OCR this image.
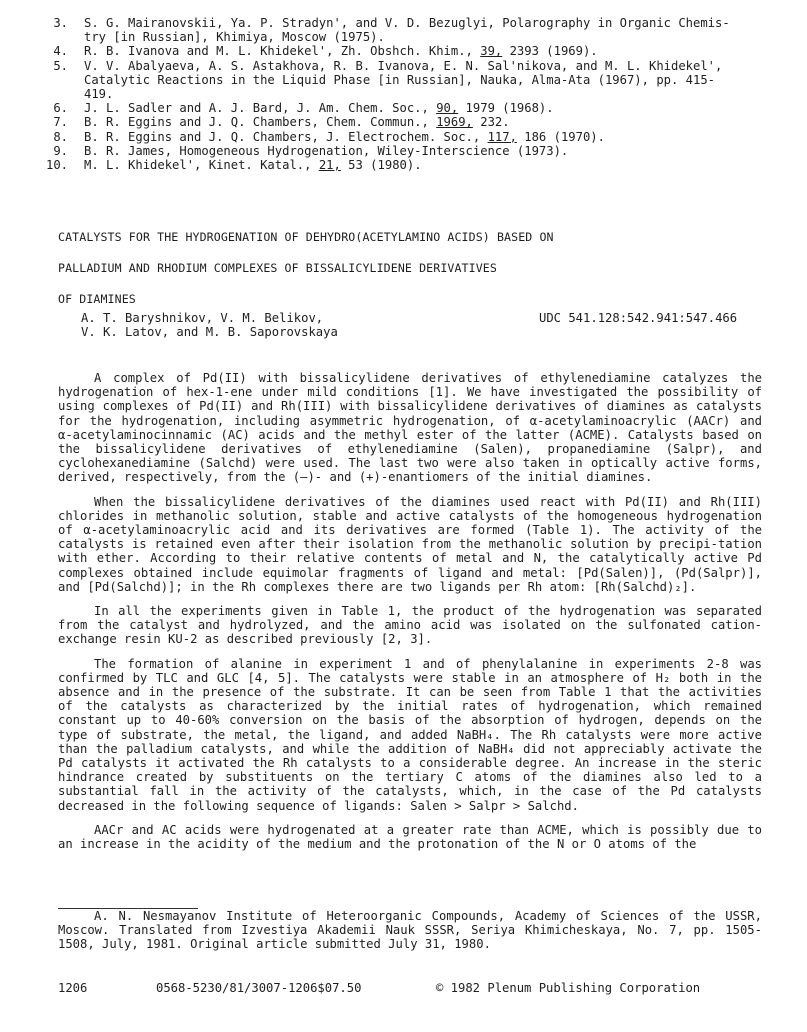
3. S. G. Mairanovskii, Ya. P. Stradyn', and V. D. Bezuglyi, Polarography in Organic Chemis-
try [in Russian], Khimiya, Moscow (1975).
4. R. B. Ivanova and M. L. Khidekel', Zh. Obshch. Khim., 39, 2393 (1969).
5. V. V. Abalyaeva, A. S. Astakhova, R. B. Ivanova, E. N. Sal'nikova, and M. L. Khidekel',
Catalytic Reactions in the Liquid Phase [in Russian], Nauka, Alma-Ata (1967), pp. 415-
419.
6. J. L. Sadler and A. J. Bard, J. Am. Chem. Soc., 90, 1979 (1968).
7. B. R. Eggins and J. Q. Chambers, Chem. Commun., 1969, 232.
8. B. R. Eggins and J. Q. Chambers, J. Electrochem. Soc., 117, 186 (1970).
9. B. R. James, Homogeneous Hydrogenation, Wiley-Interscience (1973).
10. M. L. Khidekel', Kinet. Katal., 21, 53 (1980).
CATALYSTS FOR THE HYDROGENATION OF DEHYDRO(ACETYLAMINO ACIDS) BASED ON
PALLADIUM AND RHODIUM COMPLEXES OF BISSALICYLIDENE DERIVATIVES
OF DIAMINES
A. T. Baryshnikov, V. M. Belikov,
V. K. Latov, and M. B. Saporovskaya
UDC 541.128:542.941:547.466

A complex of Pd(II) with bissalicylidene derivatives of ethylenediamine catalyzes the hydrogenation of hex-1-ene under mild conditions [1]. We have investigated the possibility of using complexes of Pd(II) and Rh(III) with bissalicylidene derivatives of diamines as catalysts for the hydrogenation, including asymmetric hydrogenation, of α-acetylaminoacrylic (AACr) and α-acetylaminocinnamic (AC) acids and the methyl ester of the latter (ACME). Catalysts based on the bissalicylidene derivatives of ethylenediamine (Salen), propanediamine (Salpr), and cyclohexanediamine (Salchd) were used. The last two were also taken in optically active forms, derived, respectively, from the (—)- and (+)-enantiomers of the initial diamines.

When the bissalicylidene derivatives of the diamines used react with Pd(II) and Rh(III) chlorides in methanolic solution, stable and active catalysts of the homogeneous hydrogenation of α-acetylaminoacrylic acid and its derivatives are formed (Table 1). The activity of the catalysts is retained even after their isolation from the methanolic solution by precipi-tation with ether. According to their relative contents of metal and N, the catalytically active Pd complexes obtained include equimolar fragments of ligand and metal: [Pd(Salen)], (Pd(Salpr)], and [Pd(Salchd)]; in the Rh complexes there are two ligands per Rh atom: [Rh(Salchd)₂].

In all the experiments given in Table 1, the product of the hydrogenation was separated from the catalyst and hydrolyzed, and the amino acid was isolated on the sulfonated cation-exchange resin KU-2 as described previously [2, 3].

The formation of alanine in experiment 1 and of phenylalanine in experiments 2-8 was confirmed by TLC and GLC [4, 5]. The catalysts were stable in an atmosphere of H₂ both in the absence and in the presence of the substrate. It can be seen from Table 1 that the activities of the catalysts as characterized by the initial rates of hydrogenation, which remained constant up to 40-60% conversion on the basis of the absorption of hydrogen, depends on the type of substrate, the metal, the ligand, and added NaBH₄. The Rh catalysts were more active than the palladium catalysts, and while the addition of NaBH₄ did not appreciably activate the Pd catalysts it activated the Rh catalysts to a considerable degree. An increase in the steric hindrance created by substituents on the tertiary C atoms of the diamines also led to a substantial fall in the activity of the catalysts, which, in the case of the Pd catalysts decreased in the following sequence of ligands: Salen > Salpr > Salchd.

AACr and AC acids were hydrogenated at a greater rate than ACME, which is possibly due to an increase in the acidity of the medium and the protonation of the N or O atoms of the

A. N. Nesmayanov Institute of Heteroorganic Compounds, Academy of Sciences of the USSR, Moscow. Translated from Izvestiya Akademii Nauk SSSR, Seriya Khimicheskaya, No. 7, pp. 1505-1508, July, 1981. Original article submitted July 31, 1980.
1206	0568-5230/81/3007-1206$07.50	© 1982 Plenum Publishing Corporation
